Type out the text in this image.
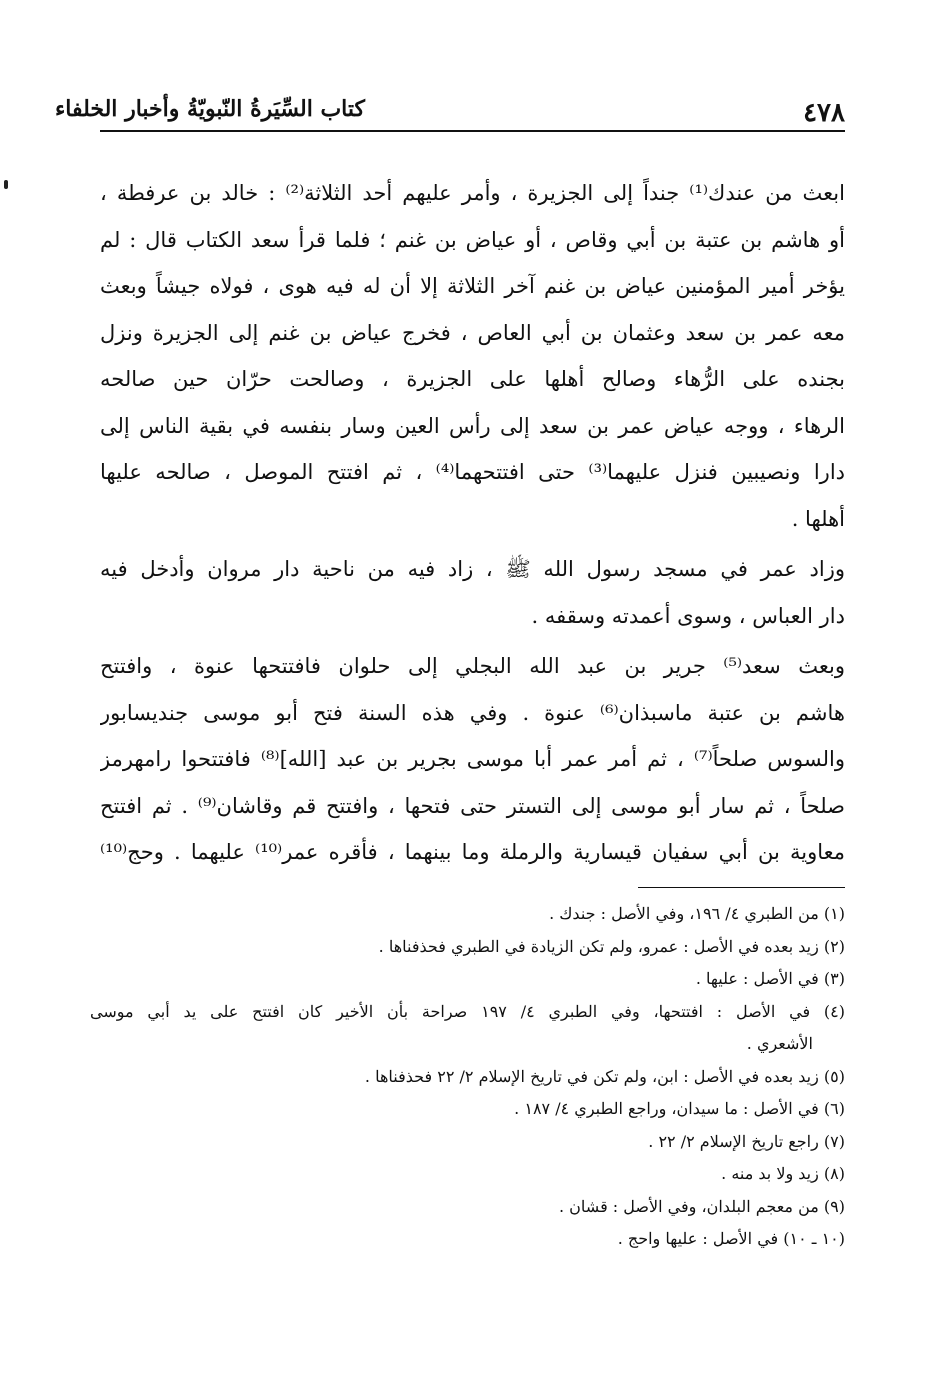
كتاب السِّيَرةُ النّبويّةُ وأخبار الخلفاء	٤٧٨
ابعث من عندك⁽¹⁾ جنداً إلى الجزيرة ، وأمر عليهم أحد الثلاثة⁽²⁾ : خالد بن عرفطة ،
أو هاشم بن عتبة بن أبي وقاص ، أو عياض بن غنم ؛ فلما قرأ سعد الكتاب قال : لم
يؤخر أمير المؤمنين عياض بن غنم آخر الثلاثة إلا أن له فيه هوى ، فولاه جيشاً وبعث
معه عمر بن سعد وعثمان بن أبي العاص ، فخرج عياض بن غنم إلى الجزيرة ونزل
بجنده على الرُّهاء وصالح أهلها على الجزيرة ، وصالحت حرّان حين صالحه
الرهاء ، ووجه عياض عمر بن سعد إلى رأس العين وسار بنفسه في بقية الناس إلى
دارا ونصيبين فنزل عليهما⁽³⁾ حتى افتتحهما⁽⁴⁾ ، ثم افتتح الموصل ، صالحه عليها
أهلها .
وزاد عمر في مسجد رسول الله ﷺ ، زاد فيه من ناحية دار مروان وأدخل فيه
دار العباس ، وسوى أعمدته وسقفه .
وبعث سعد⁽⁵⁾ جرير بن عبد الله البجلي إلى حلوان فافتتحها عنوة ، وافتتح
هاشم بن عتبة ماسبذان⁽⁶⁾ عنوة . وفي هذه السنة فتح أبو موسى جنديسابور
والسوس صلحاً⁽⁷⁾ ، ثم أمر عمر أبا موسى بجرير بن عبد [الله]⁽⁸⁾ فافتتحوا رامهرمز
صلحاً ، ثم سار أبو موسى إلى التستر حتى فتحها ، وافتتح قم وقاشان⁽⁹⁾ . ثم افتتح
معاوية بن أبي سفيان قيسارية والرملة وما بينهما ، فأقره عمر⁽¹⁰⁾ عليهما . وحج⁽¹⁰⁾
(١) من الطبري ٤/ ١٩٦، وفي الأصل : جندك .
(٢) زيد بعده في الأصل : عمرو، ولم تكن الزيادة في الطبري فحذفناها .
(٣) في الأصل : عليها .
(٤) في الأصل : افتتحها، وفي الطبري ٤/ ١٩٧ صراحة بأن الأخير كان افتتح على يد أبي موسى
الأشعري .
(٥) زيد بعده في الأصل : ابن، ولم تكن في تاريخ الإسلام ٢/ ٢٢ فحذفناها .
(٦) في الأصل : ما سيدان، وراجع الطبري ٤/ ١٨٧ .
(٧) راجع تاريخ الإسلام ٢/ ٢٢ .
(٨) زيد ولا بد منه .
(٩) من معجم البلدان، وفي الأصل : قشان .
(١٠ ـ ١٠) في الأصل : عليها واحج .
